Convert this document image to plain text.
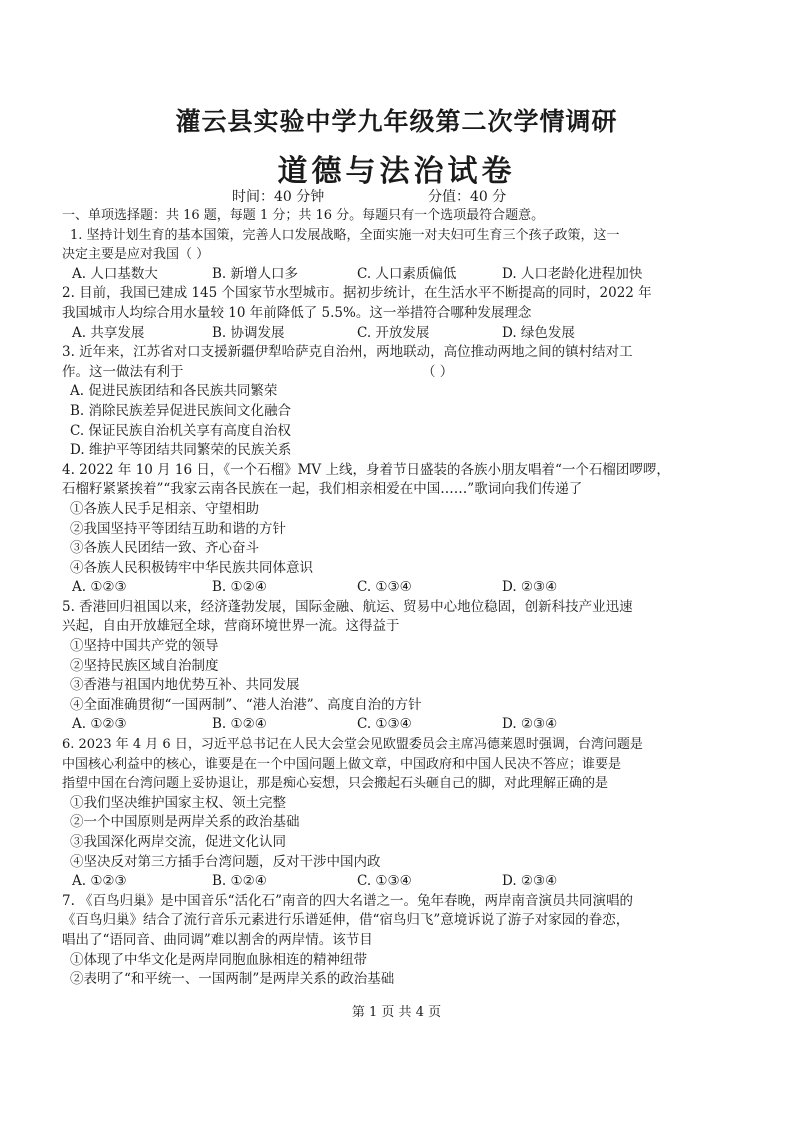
灌云县实验中学九年级第二次学情调研
道德与法治试卷
时间：40 分钟	分值：40 分

一、单项选择题：共 16 题，每题 1 分；共 16 分。每题只有一个选项最符合题意。

1. 坚持计划生育的基本国策，完善人口发展战略，全面实施一对夫妇可生育三个孩子政策，这一

决定主要是应对我国（ ）

A. 人口基数大	B. 新增人口多	C. 人口素质偏低	D. 人口老龄化进程加快

2. 目前，我国已建成 145 个国家节水型城市。据初步统计，在生活水平不断提高的同时，2022 年

我国城市人均综合用水量较 10 年前降低了 5.5%。这一举措符合哪种发展理念

A. 共享发展	B. 协调发展	C. 开放发展	D. 绿色发展

3. 近年来，江苏省对口支援新疆伊犁哈萨克自治州，两地联动，高位推动两地之间的镇村结对工

作。这一做法有利于	（ ）

A. 促进民族团结和各民族共同繁荣

B. 消除民族差异促进民族间文化融合

C. 保证民族自治机关享有高度自治权

D. 维护平等团结共同繁荣的民族关系

4. 2022 年 10 月 16 日，《一个石榴》MV 上线，身着节日盛装的各族小朋友唱着“一个石榴团啰啰，

石榴籽紧紧挨着”“我家云南各民族在一起，我们相亲相爱在中国……”歌词向我们传递了

①各族人民手足相亲、守望相助

②我国坚持平等团结互助和谐的方针

③各族人民团结一致、齐心奋斗

④各族人民积极铸牢中华民族共同体意识

A. ①②③	B. ①②④	C. ①③④	D. ②③④

5. 香港回归祖国以来，经济蓬勃发展，国际金融、航运、贸易中心地位稳固，创新科技产业迅速

兴起，自由开放雄冠全球，营商环境世界一流。这得益于

①坚持中国共产党的领导

②坚持民族区域自治制度

③香港与祖国内地优势互补、共同发展

④全面准确贯彻“一国两制”、“港人治港”、高度自治的方针

A. ①②③	B. ①②④	C. ①③④	D. ②③④

6. 2023 年 4 月 6 日，习近平总书记在人民大会堂会见欧盟委员会主席冯德莱恩时强调，台湾问题是

中国核心利益中的核心，谁要是在一个中国问题上做文章，中国政府和中国人民决不答应；谁要是

指望中国在台湾问题上妥协退让，那是痴心妄想，只会搬起石头砸自己的脚，对此理解正确的是

①我们坚决维护国家主权、领土完整

②一个中国原则是两岸关系的政治基础

③我国深化两岸交流，促进文化认同

④坚决反对第三方插手台湾问题，反对干涉中国内政

A. ①②③	B. ①②④	C. ①③④	D. ②③④

7. 《百鸟归巢》是中国音乐“活化石”南音的四大名谱之一。兔年春晚，两岸南音演员共同演唱的

《百鸟归巢》结合了流行音乐元素进行乐谱延伸，借“宿鸟归飞”意境诉说了游子对家园的眷恋，

唱出了“语同音、曲同调”难以割舍的两岸情。该节目

①体现了中华文化是两岸同胞血脉相连的精神纽带

②表明了“和平统一、一国两制”是两岸关系的政治基础

第 1 页 共 4 页
